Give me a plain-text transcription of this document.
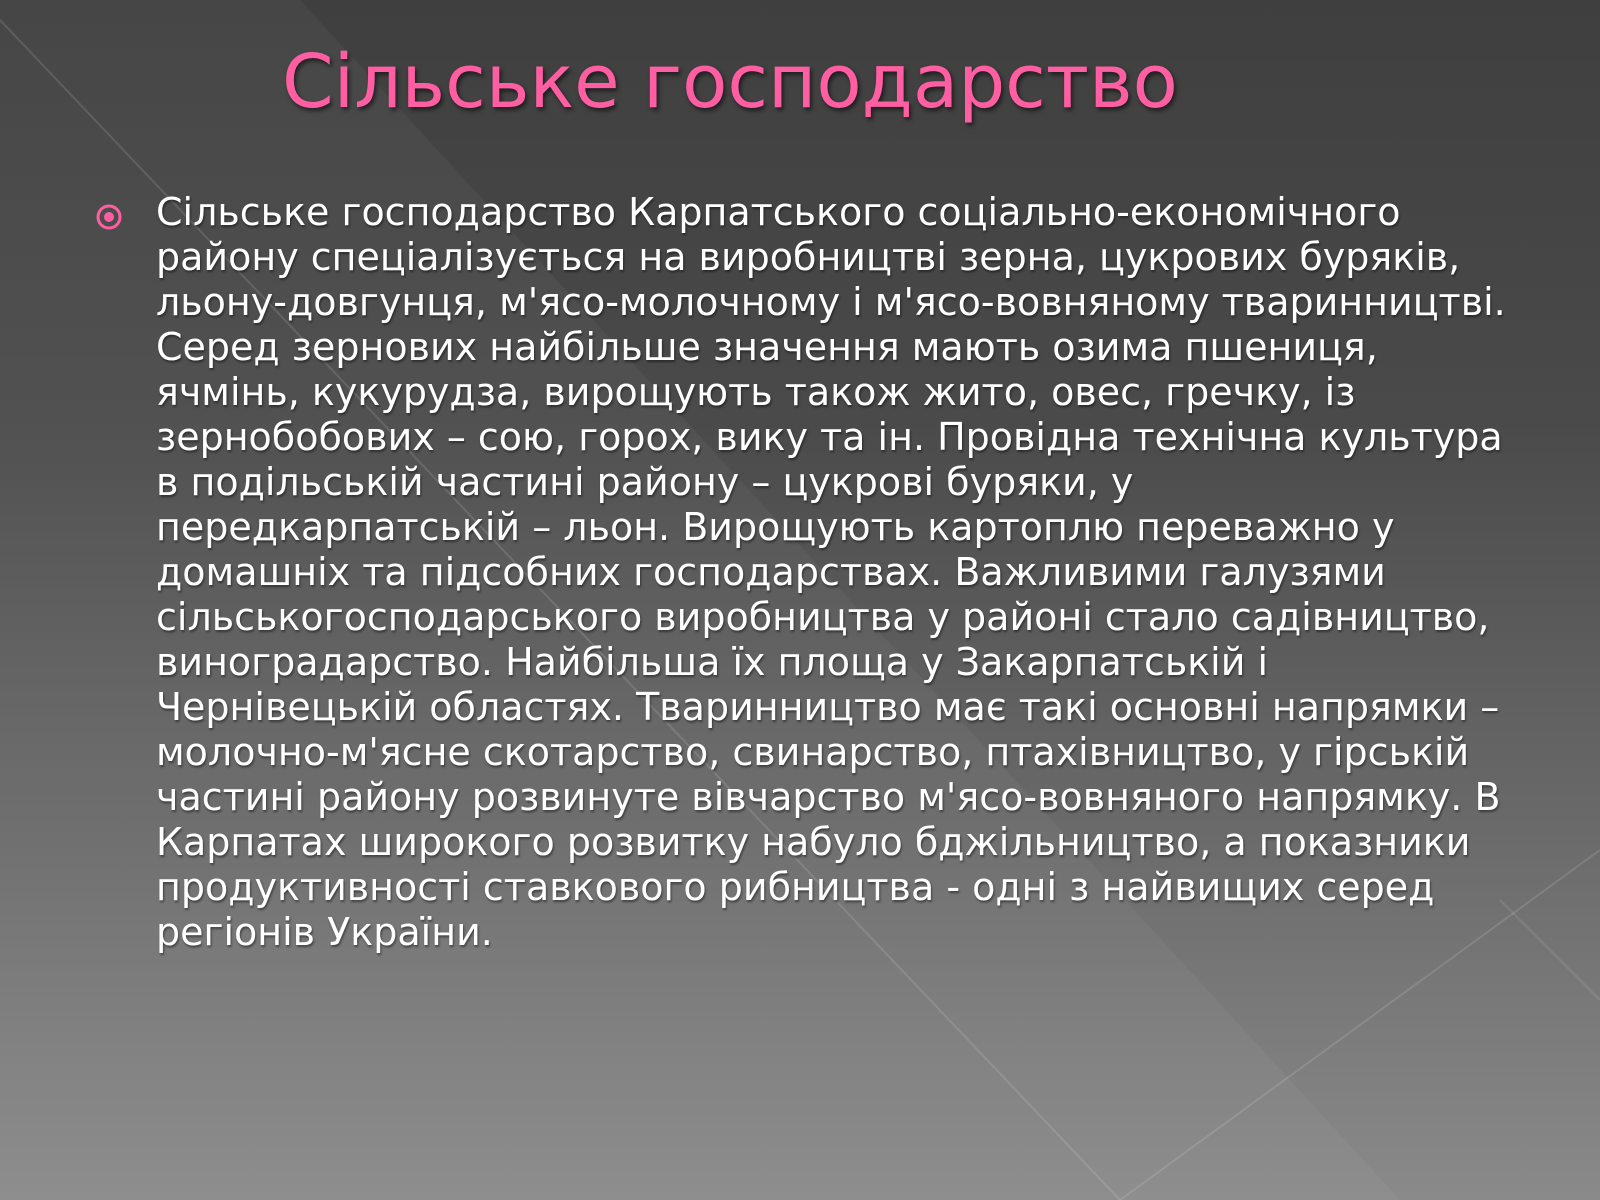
Сільське господарство

Сільське господарство Карпатського соціально-економічного району спеціалізується на виробництві зерна, цукрових буряків, льону-довгунця, м'ясо-молочному і м'ясо-вовняному тваринництві. Серед зернових найбільше значення мають озима пшениця, ячмінь, кукурудза, вирощують також жито, овес, гречку, із зернобобових – сою, горох, вику та ін. Провідна технічна культура в подільській частині району – цукрові буряки, у передкарпатській – льон. Вирощують картоплю переважно у домашніх та підсобних господарствах. Важливими галузями сільськогосподарського виробництва у районі стало садівництво, виноградарство. Найбільша їх площа у Закарпатській і Чернівецькій областях. Тваринництво має такі основні напрямки – молочно-м'ясне скотарство, свинарство, птахівництво, у гірській частині району розвинуте вівчарство м'ясо-вовняного напрямку. В Карпатах широкого розвитку набуло бджільництво, а показники продуктивності ставкового рибництва - одні з найвищих серед регіонів України.
